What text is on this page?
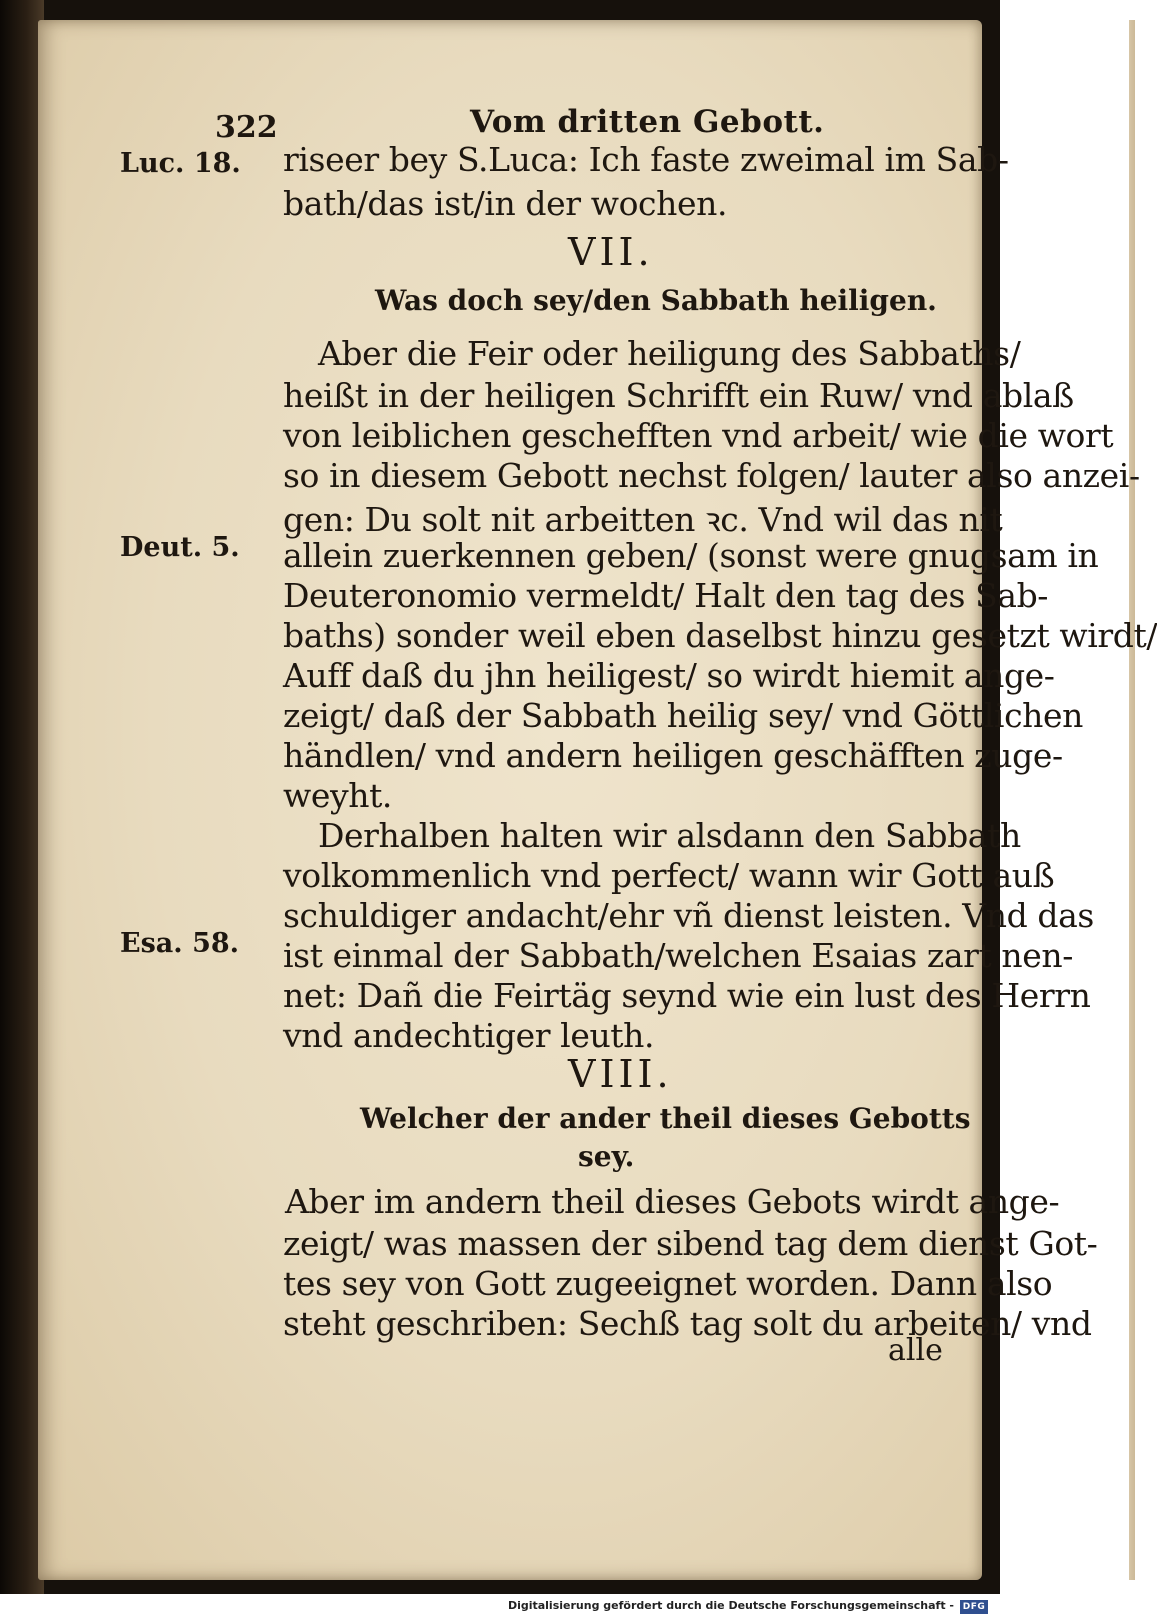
322	Vom dritten Gebott.
Luc. 18.
Deut. 5.
Esa. 58.
riseer bey S.Luca: Ich faste zweimal im Sab-
bath/das ist/in der wochen.
VII.
Was doch sey/den Sabbath heiligen.
Aber die Feir oder heiligung des Sabbaths/
heißt in der heiligen Schrifft ein Ruw/ vnd ablaß
von leiblichen geschefften vnd arbeit/ wie die wort
so in diesem Gebott nechst folgen/ lauter also anzei-
gen: Du solt nit arbeitten ꝛc. Vnd wil das nit
allein zuerkennen geben/ (sonst were gnugsam in
Deuteronomio vermeldt/ Halt den tag des Sab-
baths) sonder weil eben daselbst hinzu gesetzt wirdt/
Auff daß du jhn heiligest/ so wirdt hiemit ange-
zeigt/ daß der Sabbath heilig sey/ vnd Göttlichen
händlen/ vnd andern heiligen geschäfften zuge-
weyht.
Derhalben halten wir alsdann den Sabbath
volkommenlich vnd perfect/ wann wir Gott auß
schuldiger andacht/ehr vñ dienst leisten. Vnd das
ist einmal der Sabbath/welchen Esaias zart nen-
net: Dañ die Feirtäg seynd wie ein lust des Herrn
vnd andechtiger leuth.
VIII.
Welcher der ander theil dieses Gebotts
sey.
Aber im andern theil dieses Gebots wirdt ange-
zeigt/ was massen der sibend tag dem dienst Got-
tes sey von Gott zugeeignet worden. Dann also
steht geschriben: Sechß tag solt du arbeiten/ vnd
alle
Digitalisierung gefördert durch die Deutsche Forschungsgemeinschaft - DFG
